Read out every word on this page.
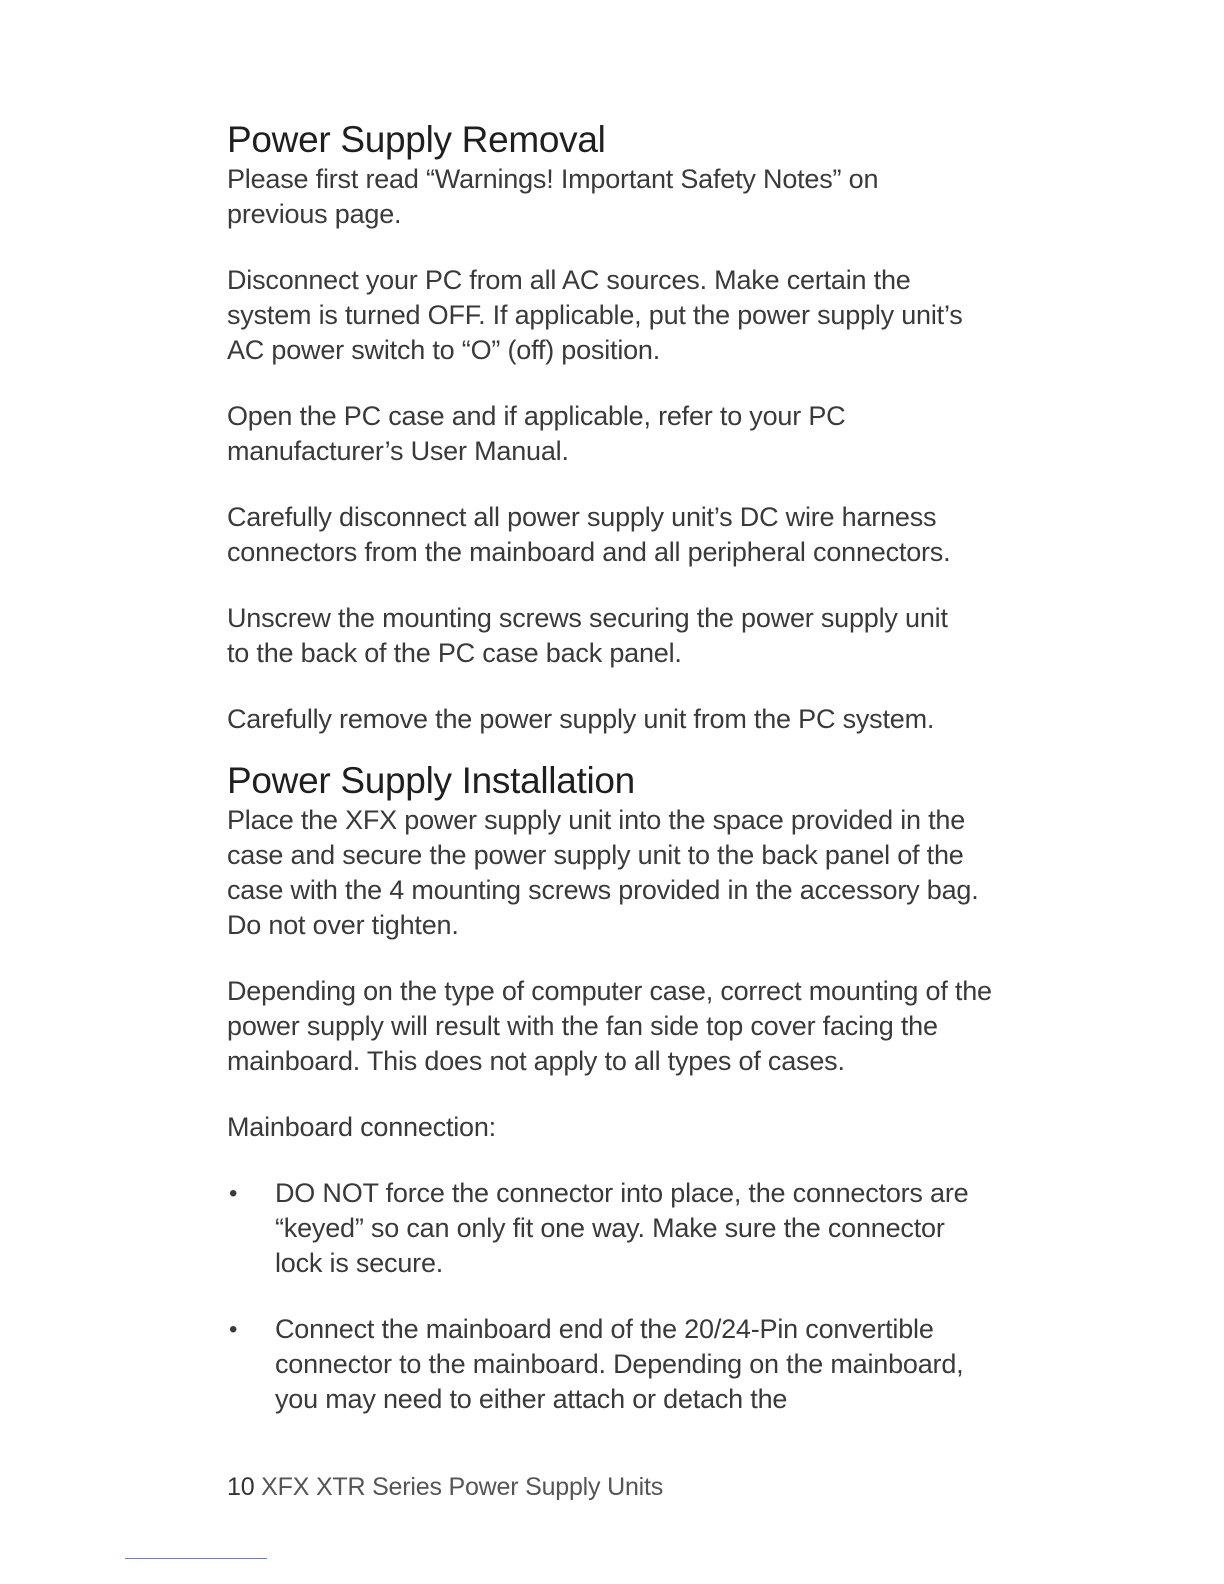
Power Supply Removal

Please first read “Warnings! Important Safety Notes” on previous page.

Disconnect your PC from all AC sources. Make certain the system is turned OFF. If applicable, put the power supply unit’s AC power switch to “O” (off) position.

Open the PC case and if applicable, refer to your PC manufacturer’s User Manual.

Carefully disconnect all power supply unit’s DC wire harness connectors from the mainboard and all peripheral connectors.

Unscrew the mounting screws securing the power supply unit to the back of the PC case back panel.

Carefully remove the power supply unit from the PC system.

Power Supply Installation

Place the XFX power supply unit into the space provided in the case and secure the power supply unit to the back panel of the case with the 4 mounting screws provided in the accessory bag. Do not over tighten.

Depending on the type of computer case, correct mounting of the power supply will result with the fan side top cover facing the mainboard. This does not apply to all types of cases.

Mainboard connection:

• DO NOT force the connector into place, the connectors are “keyed” so can only fit one way. Make sure the connector lock is secure.
• Connect the mainboard end of the 20/24-Pin convertible connector to the mainboard. Depending on the mainboard, you may need to either attach or detach the
10 XFX XTR Series Power Supply Units
